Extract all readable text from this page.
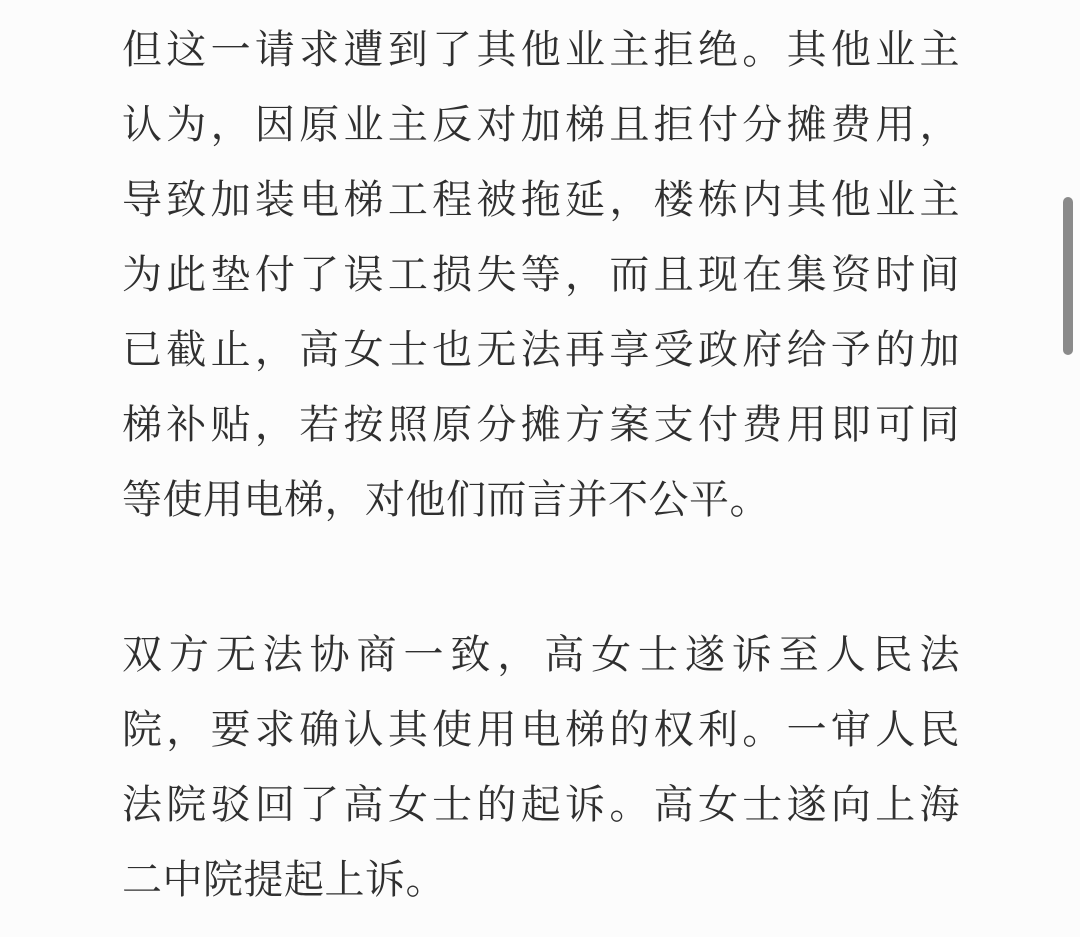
但这一请求遭到了其他业主拒绝。其他业主
认为，因原业主反对加梯且拒付分摊费用，
导致加装电梯工程被拖延，楼栋内其他业主
为此垫付了误工损失等，而且现在集资时间
已截止，高女士也无法再享受政府给予的加
梯补贴，若按照原分摊方案支付费用即可同
等使用电梯，对他们而言并不公平。
双方无法协商一致，高女士遂诉至人民法
院，要求确认其使用电梯的权利。一审人民
法院驳回了高女士的起诉。高女士遂向上海
二中院提起上诉。
